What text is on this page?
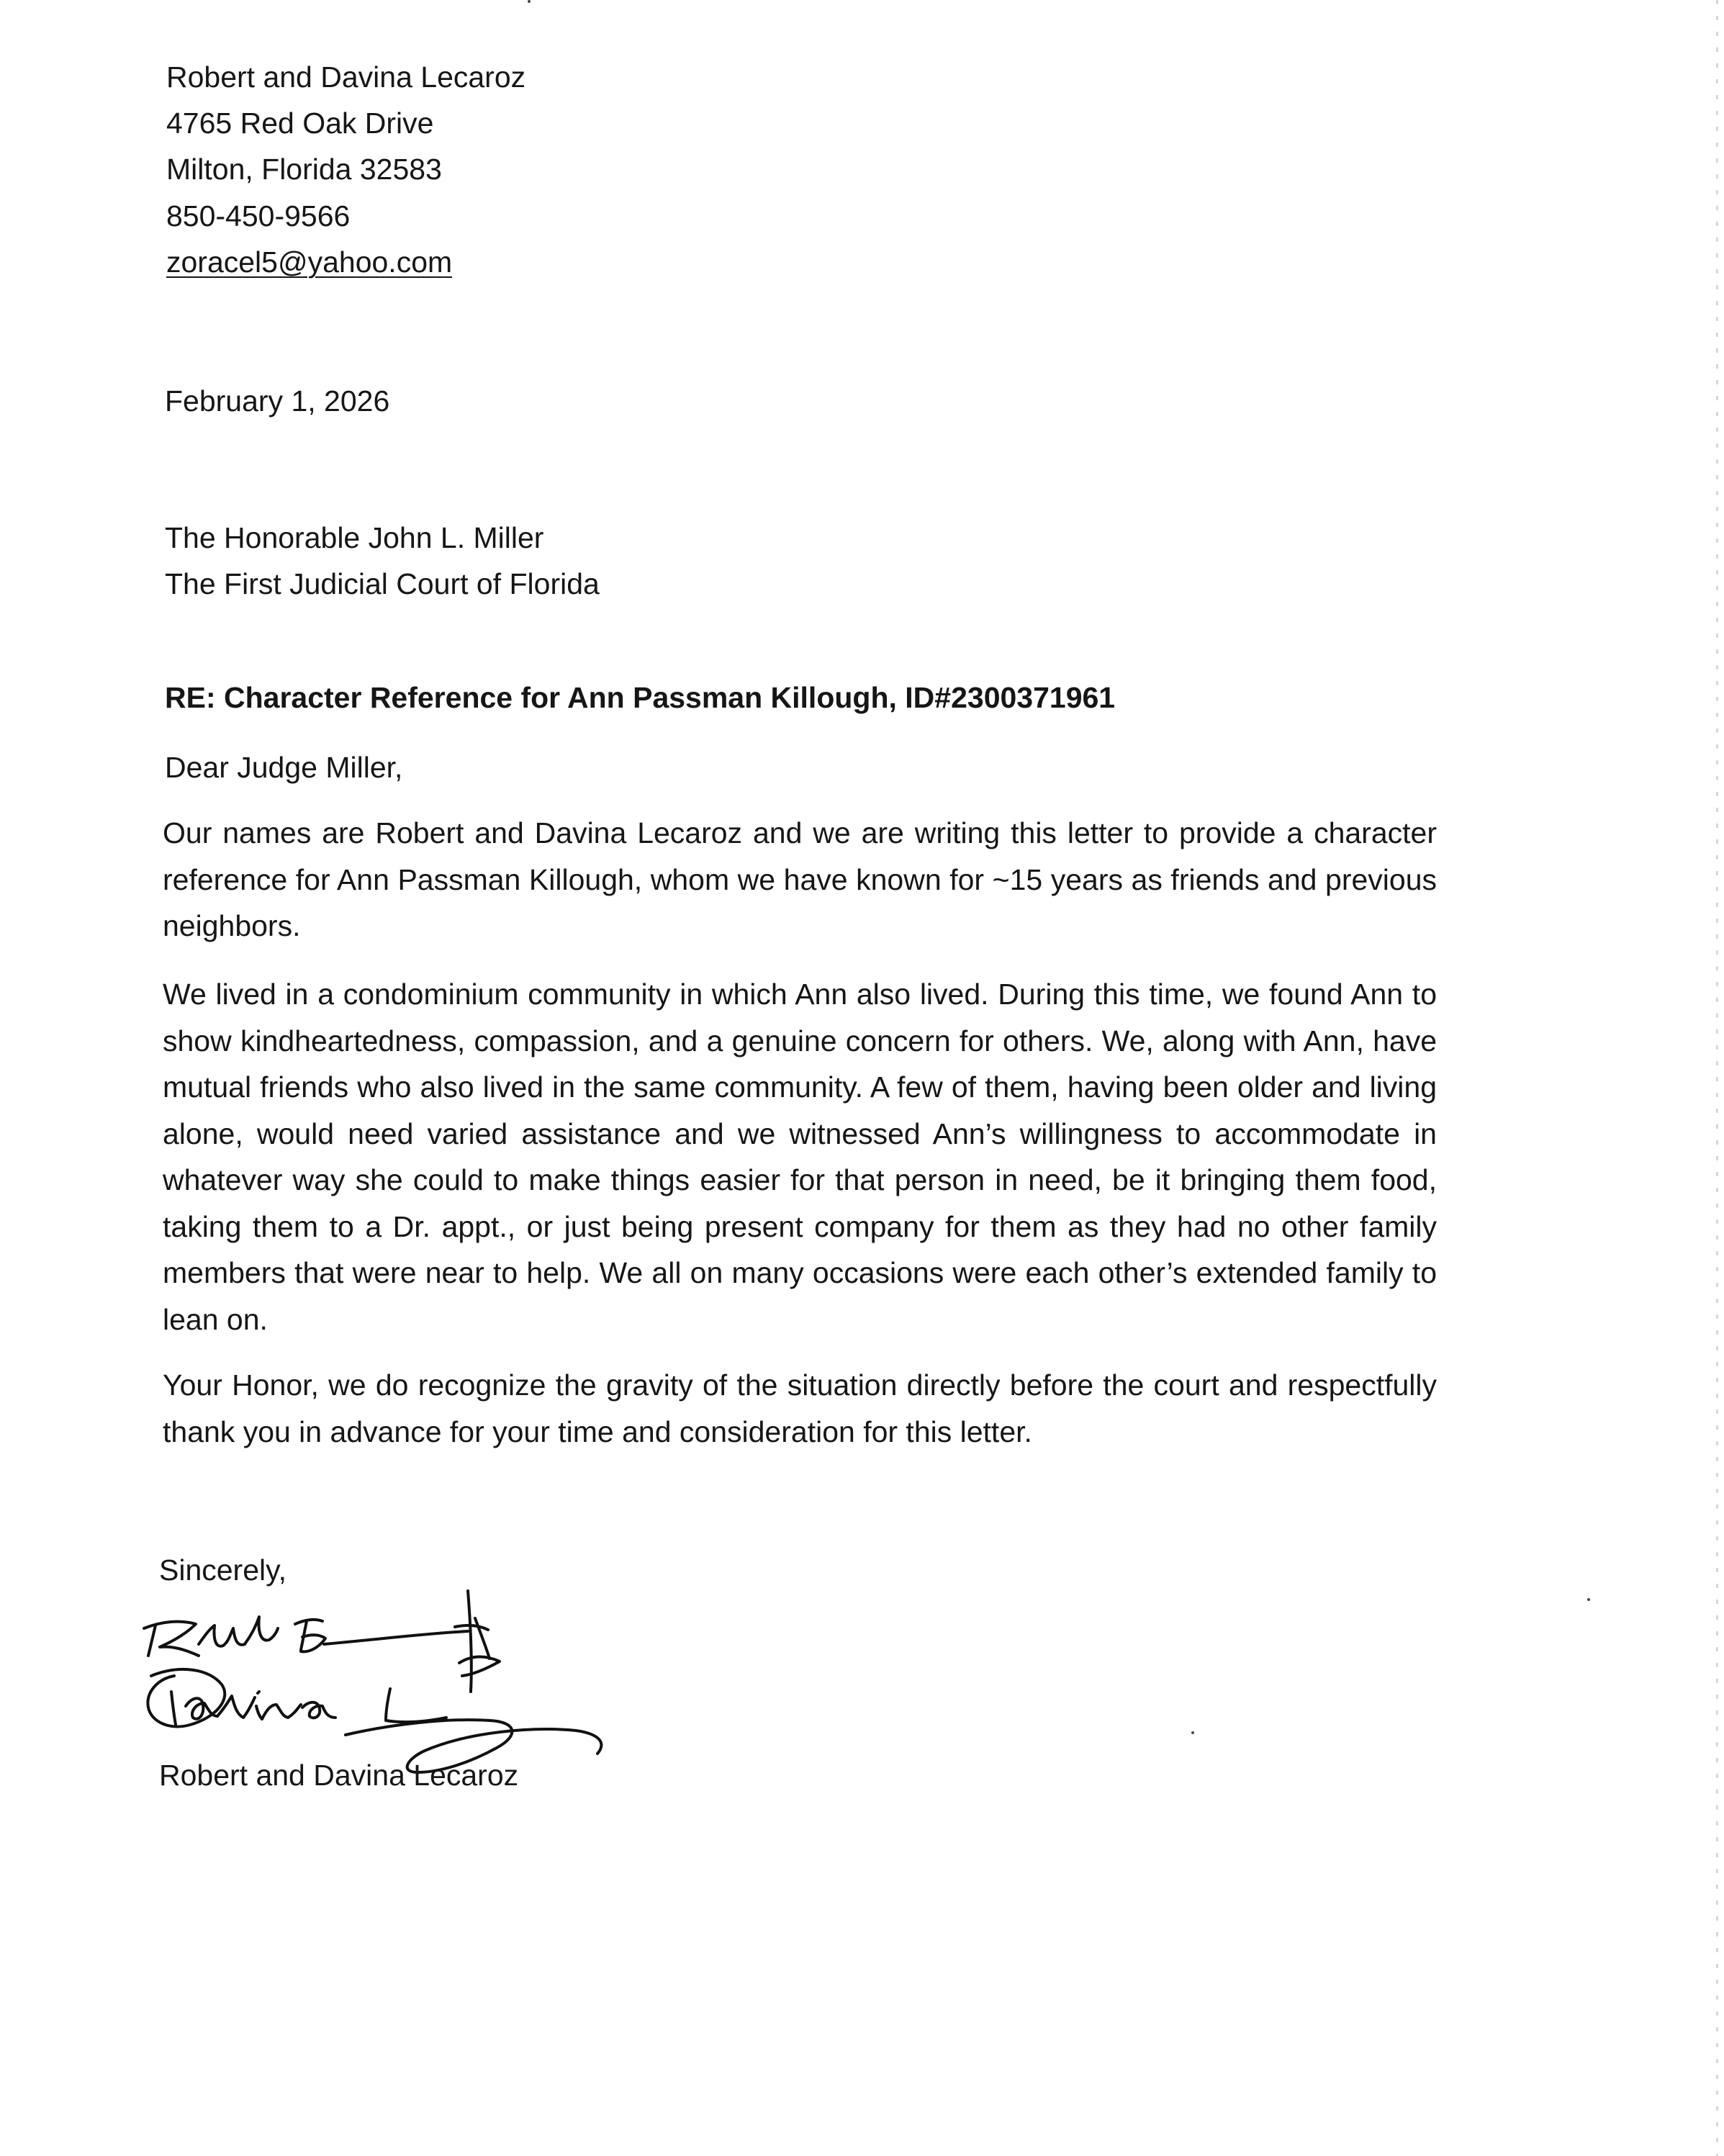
Robert and Davina Lecaroz
4765 Red Oak Drive
Milton, Florida 32583
850-450-9566
zoracel5@yahoo.com
February 1, 2026
The Honorable John L. Miller
The First Judicial Court of Florida
RE: Character Reference for Ann Passman Killough, ID#2300371961
Dear Judge Miller,
Our names are Robert and Davina Lecaroz and we are writing this letter to provide a character reference for Ann Passman Killough, whom we have known for ~15 years as friends and previous neighbors.
We lived in a condominium community in which Ann also lived. During this time, we found Ann to show kindheartedness, compassion, and a genuine concern for others. We, along with Ann, have mutual friends who also lived in the same community. A few of them, having been older and living alone, would need varied assistance and we witnessed Ann’s willingness to accommodate in whatever way she could to make things easier for that person in need, be it bringing them food, taking them to a Dr. appt., or just being present company for them as they had no other family members that were near to help. We all on many occasions were each other’s extended family to lean on.
Your Honor, we do recognize the gravity of the situation directly before the court and respectfully thank you in advance for your time and consideration for this letter.
Sincerely,
Robert and Davina Lecaroz
